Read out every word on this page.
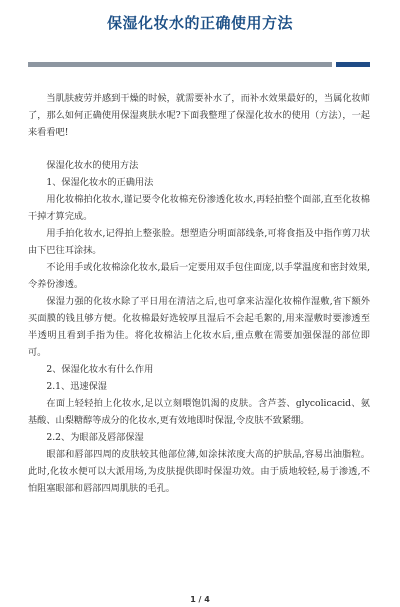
保湿化妆水的正确使用方法

当肌肤疲劳并感到干燥的时候，就需要补水了，而补水效果最好的，当属化妆师了，那么如何正确使用保湿爽肤水呢?下面我整理了保湿化妆水的使用（方法），一起来看看吧!

保湿化妆水的使用方法

1、保湿化妆水的正确用法

用化妆棉拍化妆水,谨记要令化妆棉充份渗透化妆水,再轻拍整个面部,直至化妆棉干掉才算完成。

用手拍化妆水,记得拍上整张脸。想塑造分明面部线条,可将食指及中指作剪刀状由下巴往耳涂抹。

不论用手或化妆棉涂化妆水,最后一定要用双手包住面庞,以手掌温度和密封效果,令养份渗透。

保湿力强的化妆水除了平日用在清洁之后,也可拿来沾湿化妆棉作湿敷,省下额外买面膜的钱且够方便。化妆棉最好选较厚且湿后不会起毛絮的,用来湿敷时要渗透至半透明且看到手指为佳。将化妆棉沾上化妆水后,重点敷在需要加强保湿的部位即可。

2、保湿化妆水有什么作用

2.1、迅速保湿

在面上轻轻拍上化妆水,足以立刻喂饱饥渴的皮肤。含芦荟、glycolicacid、氨基酸、山梨糖醇等成分的化妆水,更有效地即时保湿,令皮肤不致紧绷。

2.2、为眼部及唇部保湿

眼部和唇部四周的皮肤较其他部位薄,如涂抹浓度大高的护肤品,容易出油脂粒。此时,化妆水便可以大派用场,为皮肤提供即时保湿功效。由于质地较轻,易于渗透,不怕阻塞眼部和唇部四周肌肤的毛孔。

1 / 4
